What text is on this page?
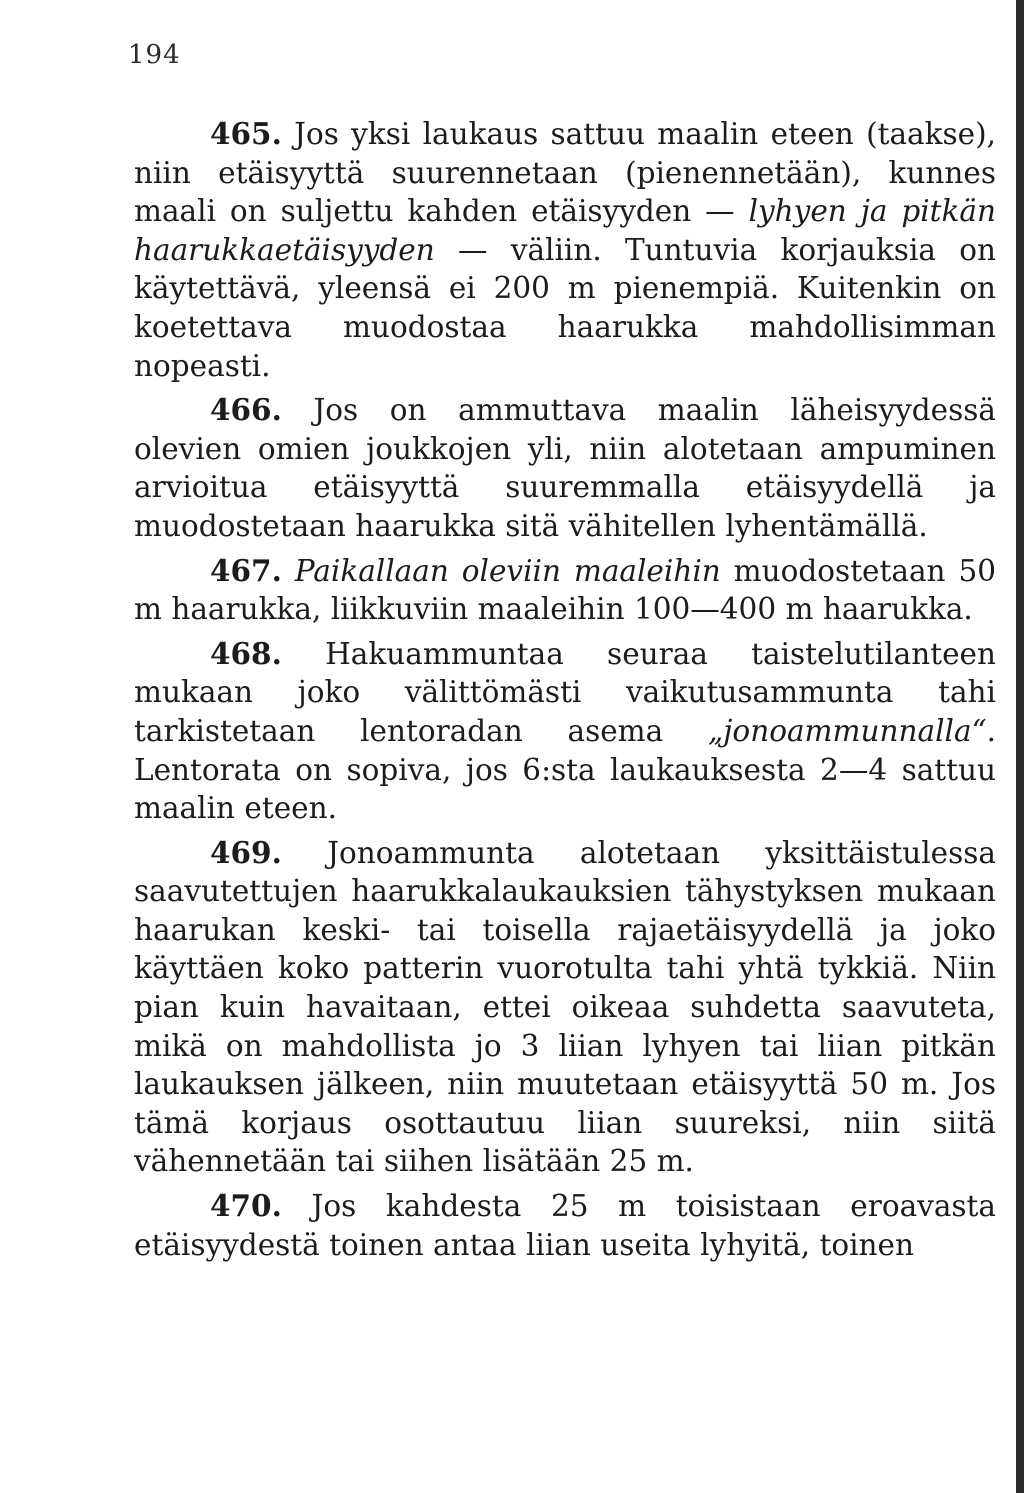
194

465. Jos yksi laukaus sattuu maalin eteen (taakse), niin etäisyyttä suurennetaan (pienennetään), kunnes maali on suljettu kahden etäisyyden — lyhyen ja pitkän haarukkaetäisyyden — väliin. Tuntuvia korjauksia on käytettävä, yleensä ei 200 m pienempiä. Kuitenkin on koetettava muodostaa haarukka mahdollisimman nopeasti.

466. Jos on ammuttava maalin läheisyydessä olevien omien joukkojen yli, niin alotetaan ampuminen arvioitua etäisyyttä suuremmalla etäisyydellä ja muodostetaan haarukka sitä vähitellen lyhentämällä.

467. Paikallaan oleviin maaleihin muodostetaan 50 m haarukka, liikkuviin maaleihin 100—400 m haarukka.

468. Hakuammuntaa seuraa taistelutilanteen mukaan joko välittömästi vaikutusammunta tahi tarkistetaan lentoradan asema „jonoammunnalla“. Lentorata on sopiva, jos 6:sta laukauksesta 2—4 sattuu maalin eteen.

469. Jonoammunta alotetaan yksittäistulessa saavutettujen haarukkalaukauksien tähystyksen mukaan haarukan keski- tai toisella rajaetäisyydellä ja joko käyttäen koko patterin vuorotulta tahi yhtä tykkiä. Niin pian kuin havaitaan, ettei oikeaa suhdetta saavuteta, mikä on mahdollista jo 3 liian lyhyen tai liian pitkän laukauksen jälkeen, niin muutetaan etäisyyttä 50 m. Jos tämä korjaus osottautuu liian suureksi, niin siitä vähennetään tai siihen lisätään 25 m.

470. Jos kahdesta 25 m toisistaan eroavasta etäisyydestä toinen antaa liian useita lyhyitä, toinen
